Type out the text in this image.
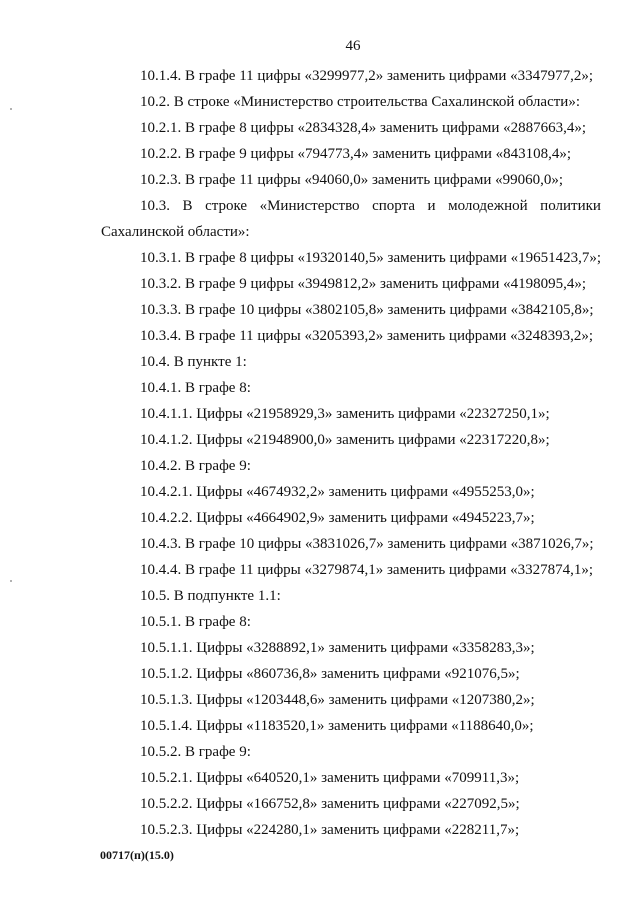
46
10.1.4. В графе 11 цифры «3299977,2» заменить цифрами «3347977,2»;
10.2. В строке «Министерство строительства Сахалинской области»:
10.2.1. В графе 8 цифры «2834328,4» заменить цифрами «2887663,4»;
10.2.2. В графе 9 цифры «794773,4» заменить цифрами «843108,4»;
10.2.3. В графе 11 цифры «94060,0» заменить цифрами «99060,0»;
10.3. В строке «Министерство спорта и молодежной политики
Сахалинской области»:
10.3.1. В графе 8 цифры «19320140,5» заменить цифрами «19651423,7»;
10.3.2. В графе 9 цифры «3949812,2» заменить цифрами «4198095,4»;
10.3.3. В графе 10 цифры «3802105,8» заменить цифрами «3842105,8»;
10.3.4. В графе 11 цифры «3205393,2» заменить цифрами «3248393,2»;
10.4. В пункте 1:
10.4.1. В графе 8:
10.4.1.1. Цифры «21958929,3» заменить цифрами «22327250,1»;
10.4.1.2. Цифры «21948900,0» заменить цифрами «22317220,8»;
10.4.2. В графе 9:
10.4.2.1. Цифры «4674932,2» заменить цифрами «4955253,0»;
10.4.2.2. Цифры «4664902,9» заменить цифрами «4945223,7»;
10.4.3. В графе 10 цифры «3831026,7» заменить цифрами «3871026,7»;
10.4.4. В графе 11 цифры «3279874,1» заменить цифрами «3327874,1»;
10.5. В подпункте 1.1:
10.5.1. В графе 8:
10.5.1.1. Цифры «3288892,1» заменить цифрами «3358283,3»;
10.5.1.2. Цифры «860736,8» заменить цифрами «921076,5»;
10.5.1.3. Цифры «1203448,6» заменить цифрами «1207380,2»;
10.5.1.4. Цифры «1183520,1» заменить цифрами «1188640,0»;
10.5.2. В графе 9:
10.5.2.1. Цифры «640520,1» заменить цифрами «709911,3»;
10.5.2.2. Цифры «166752,8» заменить цифрами «227092,5»;
10.5.2.3. Цифры «224280,1» заменить цифрами «228211,7»;
00717(п)(15.0)
